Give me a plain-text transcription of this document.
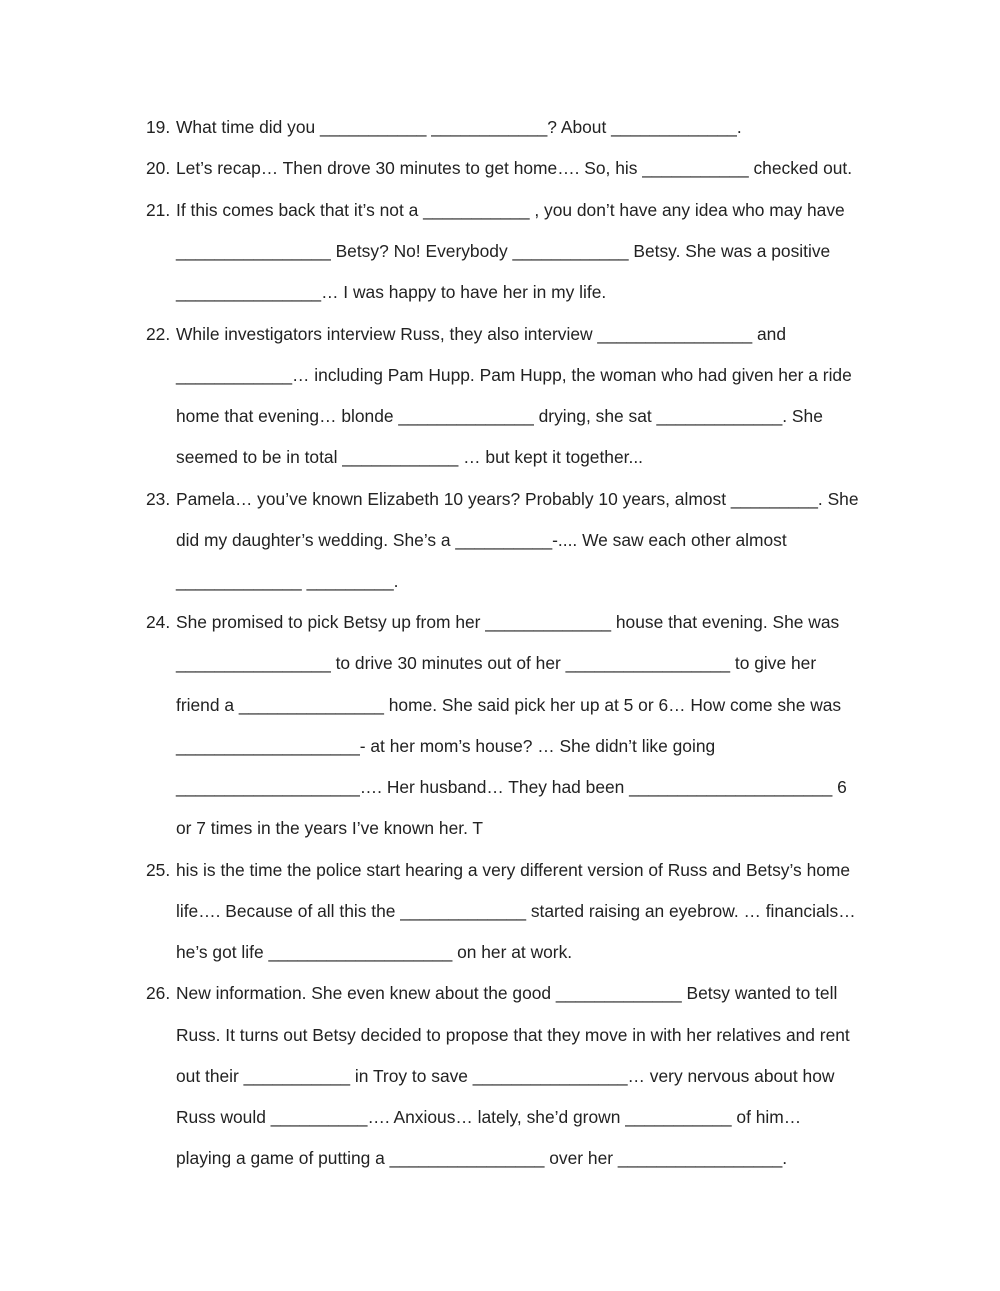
19. What time did you ___________ ____________? About _____________.
20. Let’s recap… Then drove 30 minutes to get home…. So, his ___________ checked out.
21. If this comes back that it’s not a ___________ , you don’t have any idea who may have
________________ Betsy? No! Everybody ____________ Betsy. She was a positive
_______________… I was happy to have her in my life.
22. While investigators interview Russ, they also interview ________________ and
____________… including Pam Hupp. Pam Hupp, the woman who had given her a ride
home that evening… blonde ______________ drying, she sat _____________. She
seemed to be in total ____________ … but kept it together...
23. Pamela… you’ve known Elizabeth 10 years? Probably 10 years, almost _________. She
did my daughter’s wedding. She’s a __________-.... We saw each other almost
_____________ _________.
24. She promised to pick Betsy up from her _____________ house that evening. She was
________________ to drive 30 minutes out of her _________________ to give her
friend a _______________ home. She said pick her up at 5 or 6… How come she was
___________________- at her mom’s house? … She didn’t like going
___________________…. Her husband… They had been _____________________ 6
or 7 times in the years I’ve known her. T
25. his is the time the police start hearing a very different version of Russ and Betsy’s home
life…. Because of all this the _____________ started raising an eyebrow. … financials…
he’s got life ___________________ on her at work.
26. New information. She even knew about the good _____________ Betsy wanted to tell
Russ. It turns out Betsy decided to propose that they move in with her relatives and rent
out their ___________ in Troy to save ________________… very nervous about how
Russ would __________…. Anxious… lately, she’d grown ___________ of him…
playing a game of putting a ________________ over her _________________.
